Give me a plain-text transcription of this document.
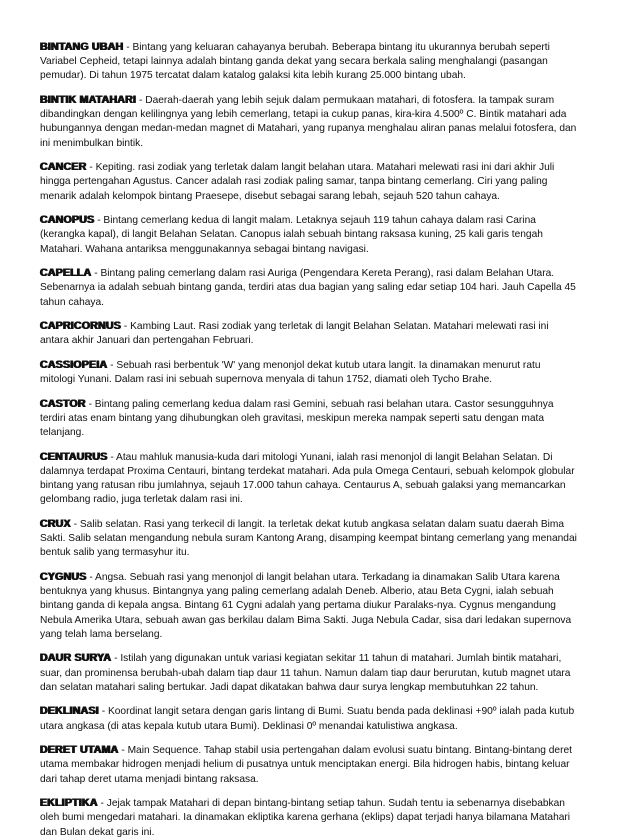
BINTANG UBAH - Bintang yang keluaran cahayanya berubah. Beberapa bintang itu ukurannya berubah seperti Variabel Cepheid, tetapi lainnya adalah bintang ganda dekat yang secara berkala saling menghalangi (pasangan pemudar). Di tahun 1975 tercatat dalam katalog galaksi kita lebih kurang 25.000 bintang ubah.

BINTIK MATAHARI - Daerah-daerah yang lebih sejuk dalam permukaan matahari, di fotosfera. Ia tampak suram dibandingkan dengan kelilingnya yang lebih cemerlang, tetapi ia cukup panas, kira-kira 4.500º C. Bintik matahari ada hubungannya dengan medan-medan magnet di Matahari, yang rupanya menghalau aliran panas melalui fotosfera, dan ini menimbulkan bintik.

CANCER - Kepiting. rasi zodiak yang terletak dalam langit belahan utara. Matahari melewati rasi ini dari akhir Juli hingga pertengahan Agustus. Cancer adalah rasi zodiak paling samar, tanpa bintang cemerlang. Ciri yang paling menarik adalah kelompok bintang Praesepe, disebut sebagai sarang lebah, sejauh 520 tahun cahaya.

CANOPUS - Bintang cemerlang kedua di langit malam. Letaknya sejauh 119 tahun cahaya dalam rasi Carina (kerangka kapal), di langit Belahan Selatan. Canopus ialah sebuah bintang raksasa kuning, 25 kali garis tengah Matahari. Wahana antariksa menggunakannya sebagai bintang navigasi.

CAPELLA - Bintang paling cemerlang dalam rasi Auriga (Pengendara Kereta Perang), rasi dalam Belahan Utara. Sebenarnya ia adalah sebuah bintang ganda, terdiri atas dua bagian yang saling edar setiap 104 hari. Jauh Capella 45 tahun cahaya.

CAPRICORNUS - Kambing Laut. Rasi zodiak yang terletak di langit Belahan Selatan. Matahari melewati rasi ini antara akhir Januari dan pertengahan Februari.

CASSIOPEIA - Sebuah rasi berbentuk 'W' yang menonjol dekat kutub utara langit. Ia dinamakan menurut ratu mitologi Yunani. Dalam rasi ini sebuah supernova menyala di tahun 1752, diamati oleh Tycho Brahe.

CASTOR - Bintang paling cemerlang kedua dalam rasi Gemini, sebuah rasi belahan utara. Castor sesungguhnya terdiri atas enam bintang yang dihubungkan oleh gravitasi, meskipun mereka nampak seperti satu dengan mata telanjang.

CENTAURUS - Atau mahluk manusia-kuda dari mitologi Yunani, ialah rasi menonjol di langit Belahan Selatan. Di dalamnya terdapat Proxima Centauri, bintang terdekat matahari. Ada pula Omega Centauri, sebuah kelompok globular bintang yang ratusan ribu jumlahnya, sejauh 17.000 tahun cahaya. Centaurus A, sebuah galaksi yang memancarkan gelombang radio, juga terletak dalam rasi ini.

CRUX - Salib selatan. Rasi yang terkecil di langit. Ia terletak dekat kutub angkasa selatan dalam suatu daerah Bima Sakti. Salib selatan mengandung nebula suram Kantong Arang, disamping keempat bintang cemerlang yang menandai bentuk salib yang termasyhur itu.

CYGNUS - Angsa. Sebuah rasi yang menonjol di langit belahan utara. Terkadang ia dinamakan Salib Utara karena bentuknya yang khusus. Bintangnya yang paling cemerlang adalah Deneb. Alberio, atau Beta Cygni, ialah sebuah bintang ganda di kepala angsa. Bintang 61 Cygni adalah yang pertama diukur Paralaks-nya. Cygnus mengandung Nebula Amerika Utara, sebuah awan gas berkilau dalam Bima Sakti. Juga Nebula Cadar, sisa dari ledakan supernova yang telah lama berselang.

DAUR SURYA - Istilah yang digunakan untuk variasi kegiatan sekitar 11 tahun di matahari. Jumlah bintik matahari, suar, dan prominensa berubah-ubah dalam tiap daur 11 tahun. Namun dalam tiap daur berurutan, kutub magnet utara dan selatan matahari saling bertukar. Jadi dapat dikatakan bahwa daur surya lengkap membutuhkan 22 tahun.

DEKLINASI - Koordinat langit setara dengan garis lintang di Bumi. Suatu benda pada deklinasi +90º ialah pada kutub utara angkasa (di atas kepala kutub utara Bumi). Deklinasi 0º menandai katulistiwa angkasa.

DERET UTAMA - Main Sequence. Tahap stabil usia pertengahan dalam evolusi suatu bintang. Bintang-bintang deret utama membakar hidrogen menjadi helium di pusatnya untuk menciptakan energi. Bila hidrogen habis, bintang keluar dari tahap deret utama menjadi bintang raksasa.

EKLIPTIKA - Jejak tampak Matahari di depan bintang-bintang setiap tahun. Sudah tentu ia sebenarnya disebabkan oleh bumi mengedari matahari. Ia dinamakan ekliptika karena gerhana (eklips) dapat terjadi hanya bilamana Matahari dan Bulan dekat garis ini.
